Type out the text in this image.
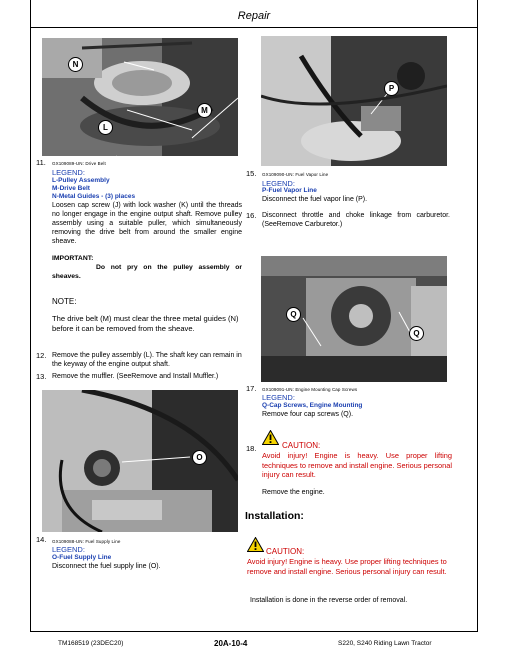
Repair
N
M
L
11. GX109089-UN: Drive Belt
LEGEND:
L-Pulley Assembly
M-Drive Belt
N-Metal Guides - (3) places
Loosen cap screw (J) with lock washer (K) until the threads no longer engage in the engine output shaft. Remove pulley assembly using a suitable puller, which simultaneously removing the drive belt from around the smaller engine sheave.
IMPORTANT:
Do not pry on the pulley assembly or sheaves.
NOTE:
The drive belt (M) must clear the three metal guides (N) before it can be removed from the sheave.
12. Remove the pulley assembly (L). The shaft key can remain in the keyway of the engine output shaft.
13. Remove the muffler. (SeeRemove and Install Muffler.)
O
14. GX109088-UN: Fuel Supply Line
LEGEND:
O-Fuel Supply Line
Disconnect the fuel supply line (O).
P
15. GX109090-UN: Fuel Vapor Line
LEGEND:
P-Fuel Vapor Line
Disconnect the fuel vapor line (P).
16. Disconnect throttle and choke linkage from carburetor. (SeeRemove Carburetor.)
Q
Q
17. GX109091-UN: Engine Mounting Cap Screws
LEGEND:
Q-Cap Screws, Engine Mounting
Remove four cap screws (Q).
18.	CAUTION:
Avoid injury! Engine is heavy. Use proper lifting techniques to remove and install engine. Serious personal injury can result.
Remove the engine.
Installation:
CAUTION:
Avoid injury! Engine is heavy. Use proper lifting techniques to remove and install engine. Serious personal injury can result.
Installation is done in the reverse order of removal.
TM168519 (23DEC20)	20A-10-4	S220, S240 Riding Lawn Tractor
